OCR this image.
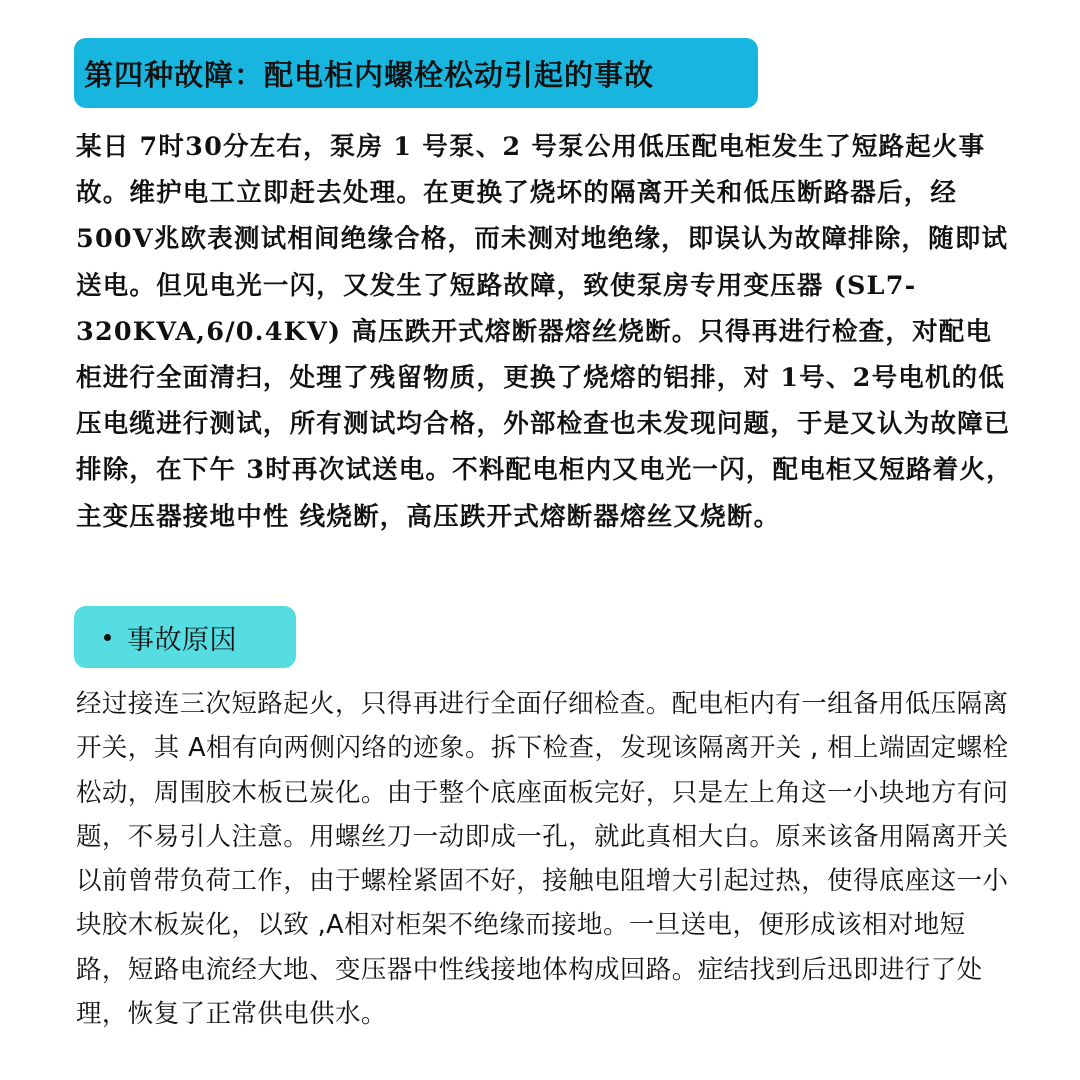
第四种故障：配电柜内螺栓松动引起的事故

某日 7时30分左右，泵房 1 号泵、2 号泵公用低压配电柜发生了短路起火事故。维护电工立即赶去处理。在更换了烧坏的隔离开关和低压断路器后，经 500V兆欧表测试相间绝缘合格，而未测对地绝缘，即误认为故障排除，随即试送电。但见电光一闪，又发生了短路故障，致使泵房专用变压器 (SL7-320KVA,6/0.4KV) 高压跌开式熔断器熔丝烧断。只得再进行检查，对配电柜进行全面清扫，处理了残留物质，更换了烧熔的铝排，对 1号、2号电机的低压电缆进行测试，所有测试均合格，外部检查也未发现问题，于是又认为故障已排除，在下午 3时再次试送电。不料配电柜内又电光一闪，配电柜又短路着火，主变压器接地中性 线烧断，高压跌开式熔断器熔丝又烧断。

事故原因

经过接连三次短路起火，只得再进行全面仔细检查。配电柜内有一组备用低压隔离开关，其 A相有向两侧闪络的迹象。拆下检查，发现该隔离开关 , 相上端固定螺栓松动，周围胶木板已炭化。由于整个底座面板完好，只是左上角这一小块地方有问题，不易引人注意。用螺丝刀一动即成一孔，就此真相大白。原来该备用隔离开关以前曾带负荷工作，由于螺栓紧固不好，接触电阻增大引起过热，使得底座这一小块胶木板炭化，以致 ,A相对柜架不绝缘而接地。一旦送电，便形成该相对地短路，短路电流经大地、变压器中性线接地体构成回路。症结找到后迅即进行了处理，恢复了正常供电供水。
